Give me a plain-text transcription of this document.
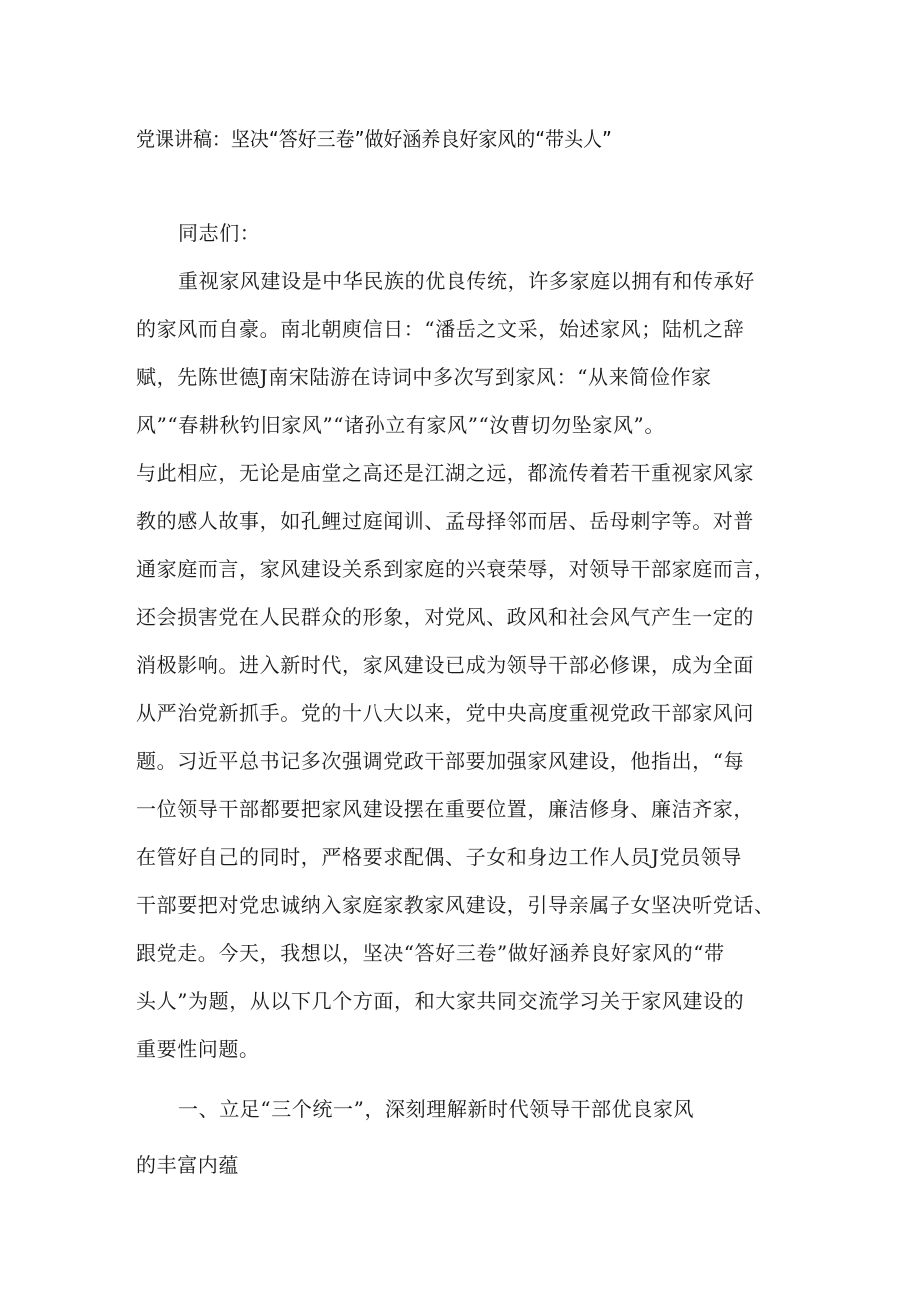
党课讲稿：坚决“答好三卷”做好涵养良好家风的“带头人”
同志们：
重视家风建设是中华民族的优良传统，许多家庭以拥有和传承好
的家风而自豪。南北朝庾信日：“潘岳之文采，始述家风；陆机之辞
赋，先陈世德J南宋陆游在诗词中多次写到家风：“从来简俭作家
风”“春耕秋钓旧家风”“诸孙立有家风”“汝曹切勿坠家风”。
与此相应，无论是庙堂之高还是江湖之远，都流传着若干重视家风家
教的感人故事，如孔鲤过庭闻训、孟母择邻而居、岳母刺字等。对普
通家庭而言，家风建设关系到家庭的兴衰荣辱，对领导干部家庭而言，
还会损害党在人民群众的形象，对党风、政风和社会风气产生一定的
消极影响。进入新时代，家风建设已成为领导干部必修课，成为全面
从严治党新抓手。党的十八大以来，党中央高度重视党政干部家风问
题。习近平总书记多次强调党政干部要加强家风建设，他指出，“每
一位领导干部都要把家风建设摆在重要位置，廉洁修身、廉洁齐家，
在管好自己的同时，严格要求配偶、子女和身边工作人员J党员领导
干部要把对党忠诚纳入家庭家教家风建设，引导亲属子女坚决听党话、
跟党走。今天，我想以，坚决“答好三卷”做好涵养良好家风的“带
头人”为题，从以下几个方面，和大家共同交流学习关于家风建设的
重要性问题。
一、立足“三个统一”，深刻理解新时代领导干部优良家风
的丰富内蕴
